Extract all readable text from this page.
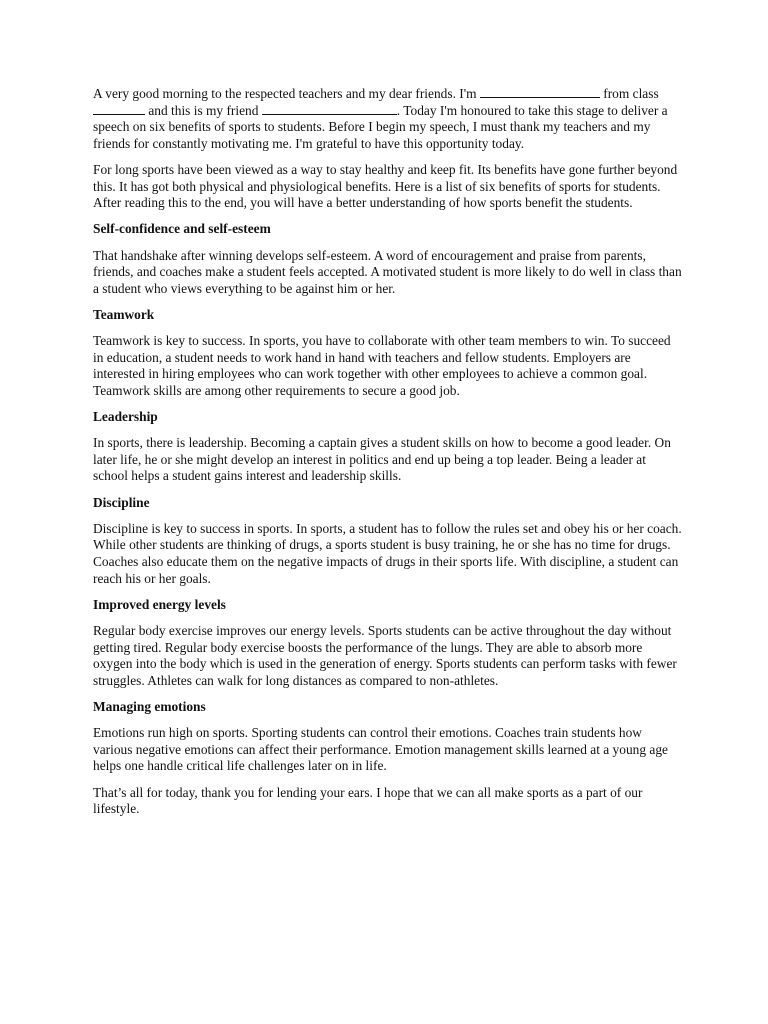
A very good morning to the respected teachers and my dear friends. I'm	from class  and this is my friend	. Today I'm honoured to take this stage to deliver a speech on six benefits of sports to students. Before I begin my speech, I must thank my teachers and my friends for constantly motivating me. I'm grateful to have this opportunity today.

For long sports have been viewed as a way to stay healthy and keep fit. Its benefits have gone further beyond this. It has got both physical and physiological benefits. Here is a list of six benefits of sports for students. After reading this to the end, you will have a better understanding of how sports benefit the students.

Self-confidence and self-esteem

That handshake after winning develops self-esteem. A word of encouragement and praise from parents, friends, and coaches make a student feels accepted. A motivated student is more likely to do well in class than a student who views everything to be against him or her.

Teamwork

Teamwork is key to success. In sports, you have to collaborate with other team members to win. To succeed in education, a student needs to work hand in hand with teachers and fellow students. Employers are interested in hiring employees who can work together with other employees to achieve a common goal. Teamwork skills are among other requirements to secure a good job.

Leadership

In sports, there is leadership. Becoming a captain gives a student skills on how to become a good leader. On later life, he or she might develop an interest in politics and end up being a top leader. Being a leader at school helps a student gains interest and leadership skills.

Discipline

Discipline is key to success in sports. In sports, a student has to follow the rules set and obey his or her coach. While other students are thinking of drugs, a sports student is busy training, he or she has no time for drugs. Coaches also educate them on the negative impacts of drugs in their sports life. With discipline, a student can reach his or her goals.

Improved energy levels

Regular body exercise improves our energy levels. Sports students can be active throughout the day without getting tired. Regular body exercise boosts the performance of the lungs. They are able to absorb more oxygen into the body which is used in the generation of energy. Sports students can perform tasks with fewer struggles. Athletes can walk for long distances as compared to non-athletes.

Managing emotions

Emotions run high on sports. Sporting students can control their emotions. Coaches train students how various negative emotions can affect their performance. Emotion management skills learned at a young age helps one handle critical life challenges later on in life.

That’s all for today, thank you for lending your ears. I hope that we can all make sports as a part of our lifestyle.
